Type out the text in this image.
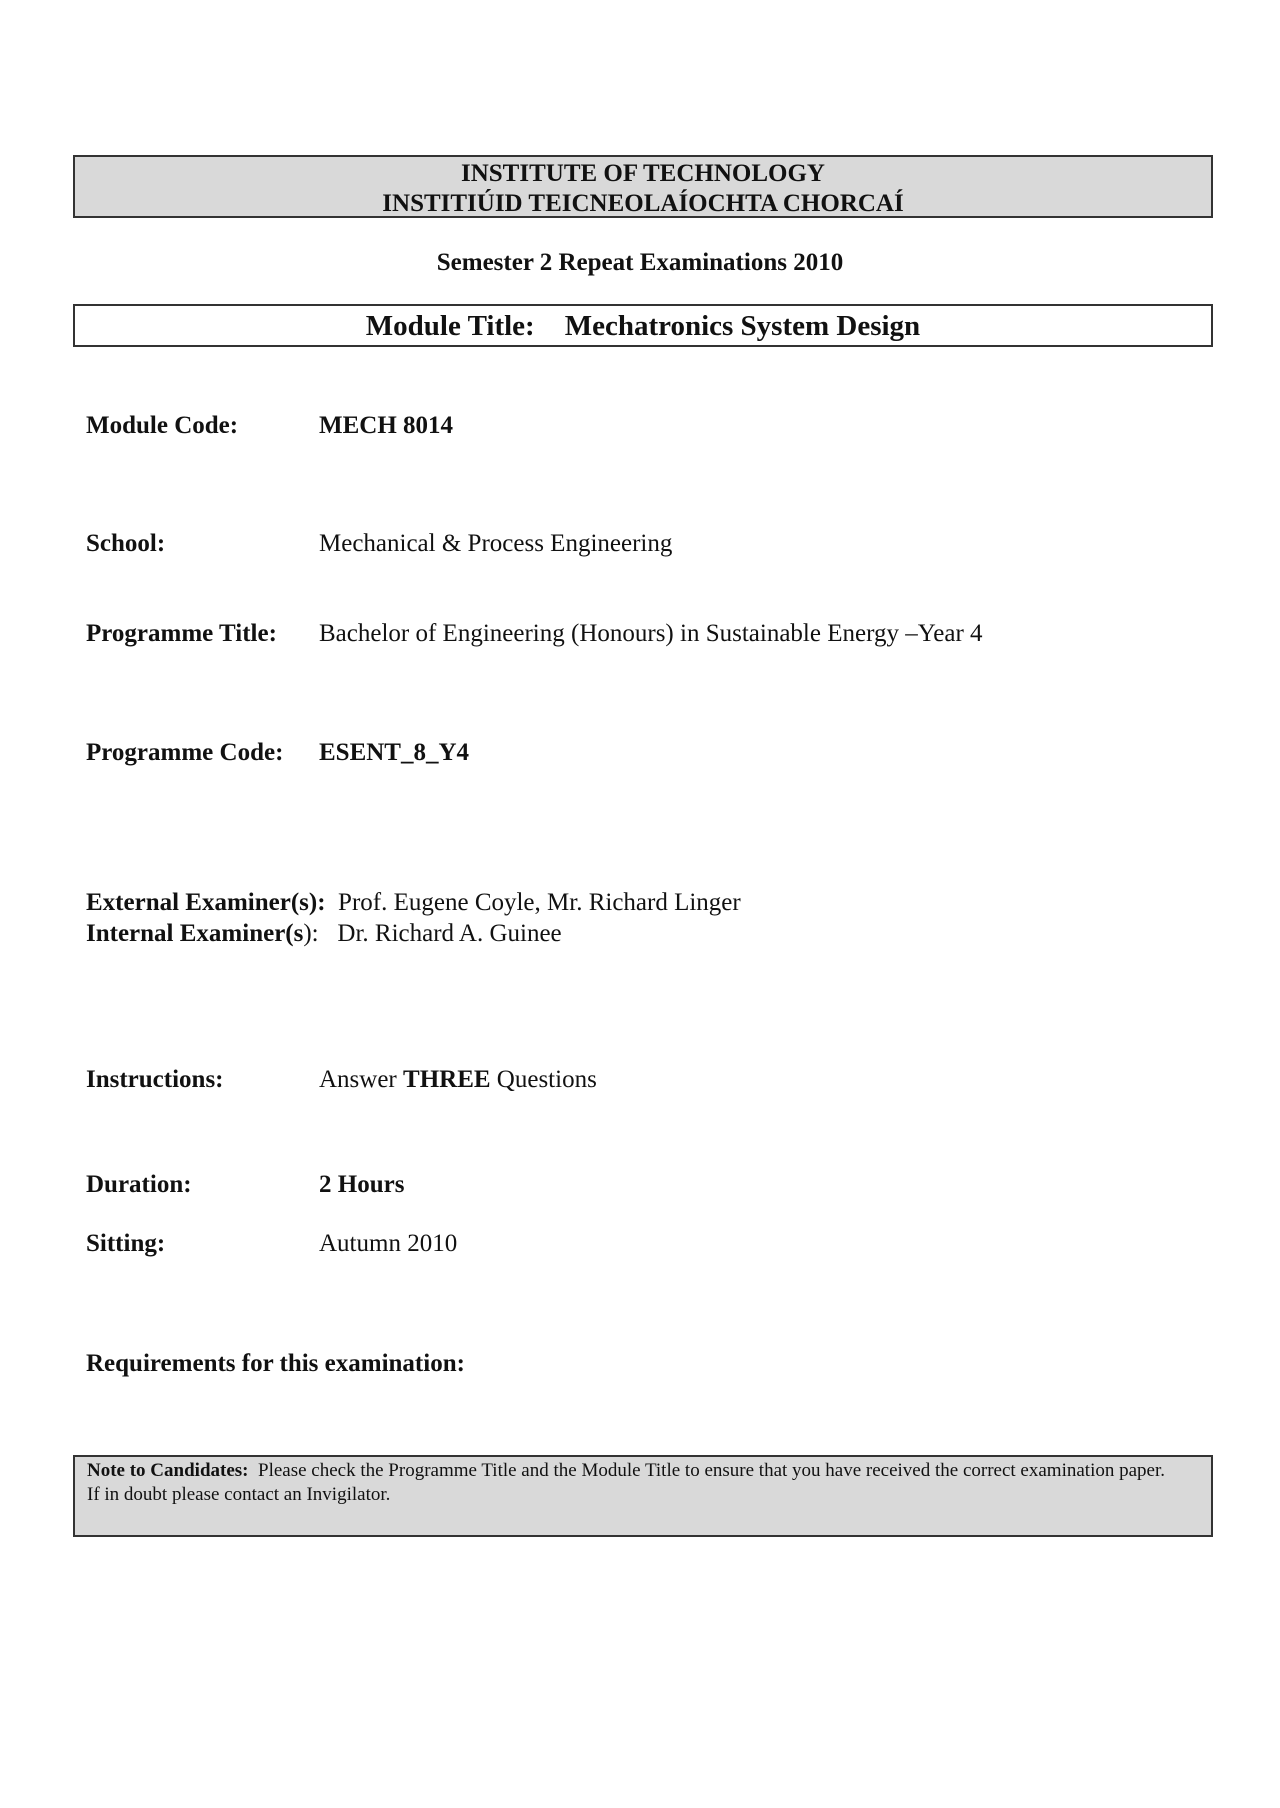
INSTITUTE OF TECHNOLOGY
INSTITIÚID TEICNEOLAÍOCHTA CHORCAÍ
Semester 2 Repeat Examinations 2010
Module Title: Mechatronics System Design
Module Code:	MECH 8014
School:	Mechanical & Process Engineering
Programme Title: Bachelor of Engineering (Honours) in Sustainable Energy –Year 4
Programme Code: ESENT_8_Y4
External Examiner(s): Prof. Eugene Coyle, Mr. Richard Linger
Internal Examiner(s): Dr. Richard A. Guinee
Instructions:	Answer THREE Questions
Duration:	2 Hours
Sitting:	Autumn 2010
Requirements for this examination:
Note to Candidates: Please check the Programme Title and the Module Title to ensure that you have received the correct examination paper.
If in doubt please contact an Invigilator.
